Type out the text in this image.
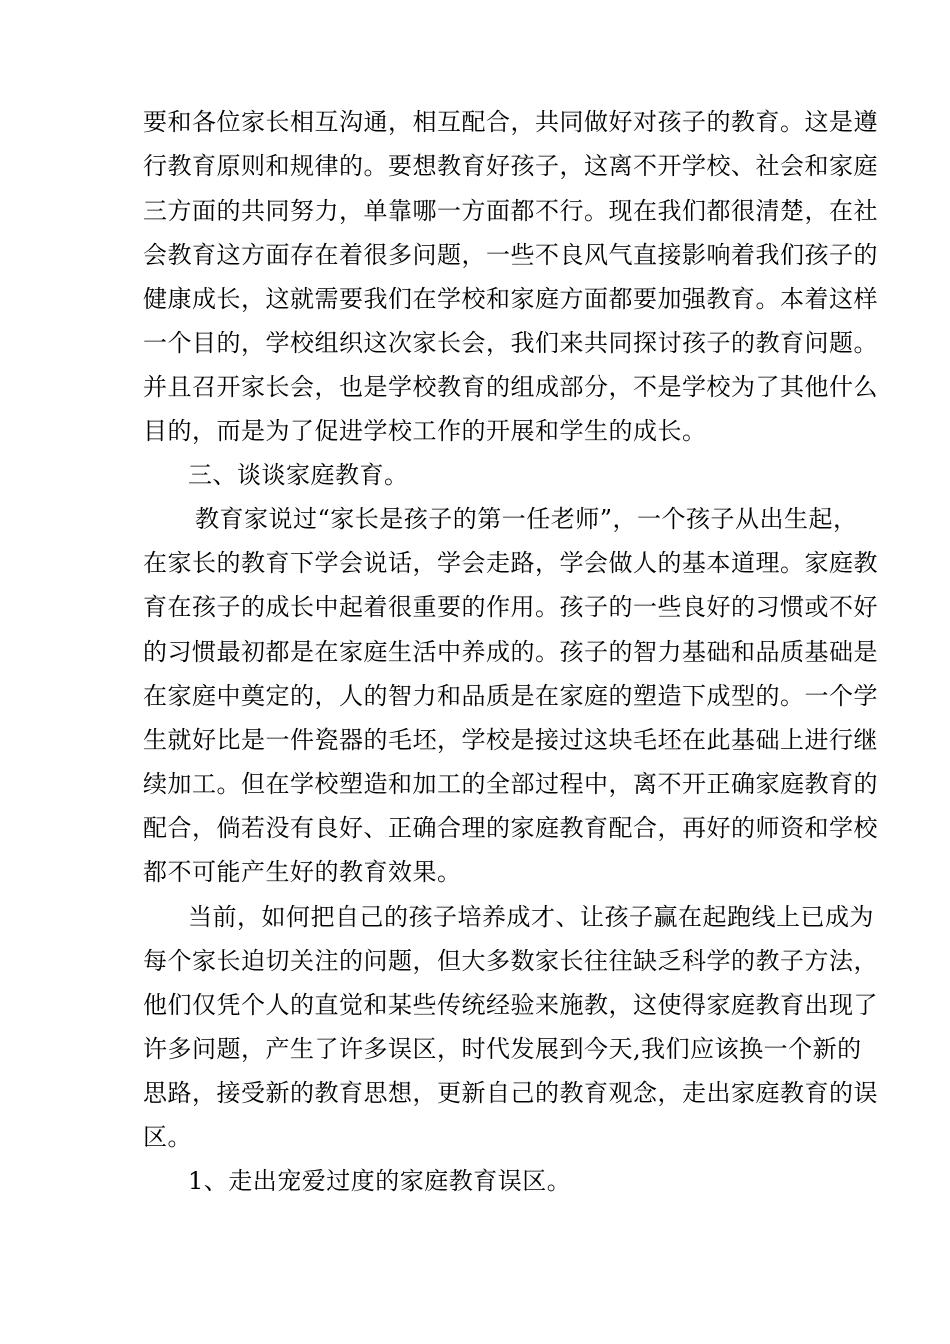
要和各位家长相互沟通，相互配合，共同做好对孩子的教育。这是遵
行教育原则和规律的。要想教育好孩子，这离不开学校、社会和家庭
三方面的共同努力，单靠哪一方面都不行。现在我们都很清楚，在社
会教育这方面存在着很多问题，一些不良风气直接影响着我们孩子的
健康成长，这就需要我们在学校和家庭方面都要加强教育。本着这样
一个目的，学校组织这次家长会，我们来共同探讨孩子的教育问题。
并且召开家长会，也是学校教育的组成部分，不是学校为了其他什么
目的，而是为了促进学校工作的开展和学生的成长。
三、谈谈家庭教育。
教育家说过“家长是孩子的第一任老师”，一个孩子从出生起，
在家长的教育下学会说话，学会走路，学会做人的基本道理。家庭教
育在孩子的成长中起着很重要的作用。孩子的一些良好的习惯或不好
的习惯最初都是在家庭生活中养成的。孩子的智力基础和品质基础是
在家庭中奠定的，人的智力和品质是在家庭的塑造下成型的。一个学
生就好比是一件瓷器的毛坯，学校是接过这块毛坯在此基础上进行继
续加工。但在学校塑造和加工的全部过程中，离不开正确家庭教育的
配合，倘若没有良好、正确合理的家庭教育配合，再好的师资和学校
都不可能产生好的教育效果。
当前，如何把自己的孩子培养成才、让孩子赢在起跑线上已成为
每个家长迫切关注的问题，但大多数家长往往缺乏科学的教子方法，
他们仅凭个人的直觉和某些传统经验来施教，这使得家庭教育出现了
许多问题，产生了许多误区，时代发展到今天,我们应该换一个新的
思路，接受新的教育思想，更新自己的教育观念，走出家庭教育的误
区。
1、走出宠爱过度的家庭教育误区。
